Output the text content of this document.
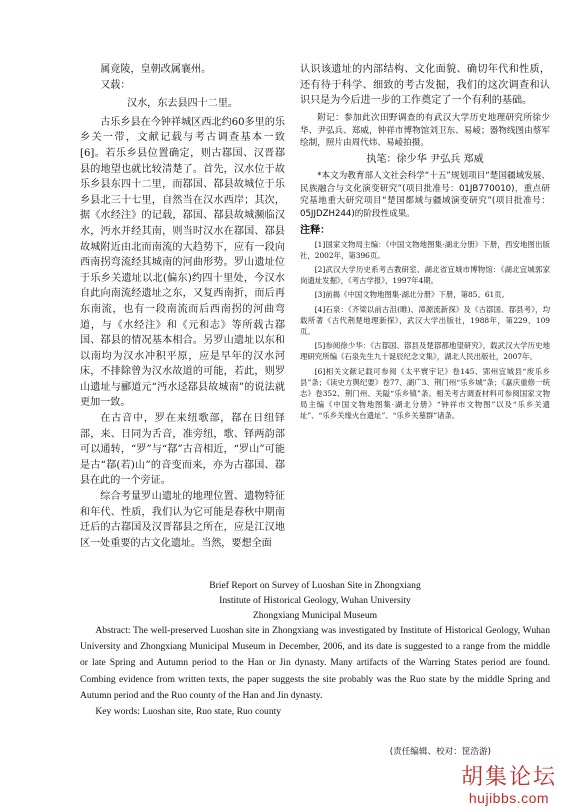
属竟陵，皇朝改属襄州。

又载：

汉水，东去县四十二里。

古乐乡县在今钟祥城区西北约60多里的乐乡关一带，文献记载与考古调查基本一致[6]。若乐乡县位置确定，则古鄀国、汉晋鄀县的地望也就比较清楚了。首先，汉水位于故乐乡县东四十二里，而鄀国、鄀县故城位于乐乡县北三十七里，自然当在汉水西岸；其次，据《水经注》的记载，鄀国、鄀县故城濒临汉水，沔水并经其南，则当时汉水在鄀国、鄀县故城附近由北而南流的大趋势下，应有一段向西南拐弯流经其城南的河曲形势。罗山遗址位于乐乡关遗址以北(偏东)约四十里处，今汉水自此向南流经遗址之东，又复西南折，而后再东南流，也有一段南流而后西南拐的河曲弯道，与《水经注》和《元和志》等所载古鄀国、鄀县的情况基本相合。另罗山遗址以东和以南均为汉水冲积平原，应是早年的汉水河床，不排除曾为汉水故道的可能，若此，则罗山遗址与郦道元“沔水迳鄀县故城南”的说法就更加一致。

在古音中，罗在来纽歌部，鄀在日纽铎部，来、日同为舌音，准旁纽，歌、铎两韵部可以通转，“罗”与“鄀”古音相近，“罗山”可能是古“鄀(若)山”的音变而来，亦为古鄀国、鄀县在此的一个旁证。

综合考量罗山遗址的地理位置、遗物特征和年代、性质，我们认为它可能是春秋中期南迁后的古鄀国及汉晋鄀县之所在，应是江汉地区一处重要的古文化遗址。当然，要想全面

认识该遗址的内部结构、文化面貌、确切年代和性质，还有待于科学、细致的考古发掘，我们的这次调查和认识只是为今后进一步的工作奠定了一个有利的基础。

附记：参加此次田野调查的有武汉大学历史地理研究所徐少华、尹弘兵、郑威，钟祥市博物馆刘卫东、易崚；器物线图由蔡军绘制，照片由周代炜、易崚拍摄。

执笔：徐少华 尹弘兵 郑威

*本文为教育部人文社会科学“十五”规划项目“楚国疆域发展、民族融合与文化演变研究”(项目批准号：01JB770010)，重点研究基地重大研究项目“楚国都域与疆域演变研究”(项目批准号：05JJDZH244)的阶段性成果。

注释：

[1]国家文物局主编：《中国文物地图集·湖北分册》下册，西安地图出版社，2002年，第396页。

[2]武汉大学历史系考古教研室、湖北省宜城市博物馆：《湖北宜城郭家岗遗址发掘》，《考古学报》，1997年4期。

[3]前揭《中国文物地图集·湖北分册》下册，第85、61页。

[4]石泉：《齐梁以前古沮(睢)、漳源流新探》及《古鄀国、鄀县考》，均载所著《古代荆楚地理新探》，武汉大学出版社，1988年，第229、109页。

[5]参阅徐少华：《古鄀国、鄀县及楚鄀都地望研究》，载武汉大学历史地理研究所编《石泉先生九十诞辰纪念文集》，湖北人民出版社，2007年。

[6]相关文献记载可参阅《太平寰宇记》卷145、郢州宜城县“废乐乡县”条；《读史方舆纪要》卷77、湖广3、荆门州“乐乡城”条；《嘉庆重修一统志》卷352、荆门州、关隘“乐乡镇”条。相关考古调查材料可参阅国家文物局主编《中国文物地图集·湖北分册》“钟祥市文物图”以及“乐乡关遗址”、“乐乡关缘火台遗址”、“乐乡关墓群”诸条。

Brief Report on Survey of Luoshan Site in Zhongxiang
Institute of Historical Geology, Wuhan University
Zhongxiang Municipal Museum

Abstract: The well-preserved Luoshan site in Zhongxiang was investigated by Institute of Historical Geology, Wuhan University and Zhongxiang Municipal Museum in December, 2006, and its date is suggested to a range from the middle or late Spring and Autumn period to the Han or Jin dynasty. Many artifacts of the Warring States period are found. Combing evidence from written texts, the paper suggests the site probably was the Ruo state by the middle Spring and Autumn period and the Ruo county of the Han and Jin dynasty.

Key words: Luoshan site, Ruo state, Ruo county

(责任编辑、校对：筐浩游)
胡集论坛
hujibbs.com
